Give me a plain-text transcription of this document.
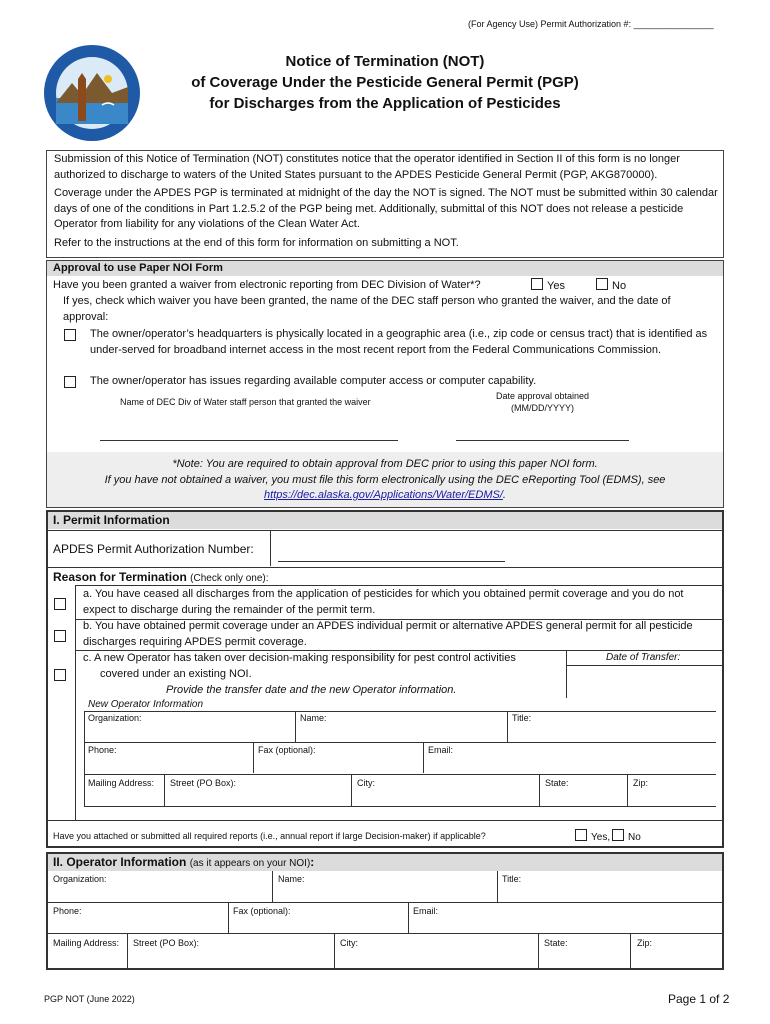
(For Agency Use) Permit Authorization #: ________________
Notice of Termination (NOT)
of Coverage Under the Pesticide General Permit (PGP)
for Discharges from the Application of Pesticides
Submission of this Notice of Termination (NOT) constitutes notice that the operator identified in Section II of this form is no longer authorized to discharge to waters of the United States pursuant to the APDES Pesticide General Permit (PGP, AKG870000).
Coverage under the APDES PGP is terminated at midnight of the day the NOT is signed. The NOT must be submitted within 30 calendar days of one of the conditions in Part 1.2.5.2 of the PGP being met. Additionally, submittal of this NOT does not release a pesticide Operator from liability for any violations of the Clean Water Act.
Refer to the instructions at the end of this form for information on submitting a NOT.
Approval to use Paper NOI Form
Have you been granted a waiver from electronic reporting from DEC Division of Water*?	Yes	No
If yes, check which waiver you have been granted, the name of the DEC staff person who granted the waiver, and the date of approval:
The owner/operator’s headquarters is physically located in a geographic area (i.e., zip code or census tract) that is identified as under-served for broadband internet access in the most recent report from the Federal Communications Commission.
The owner/operator has issues regarding available computer access or computer capability.
Name of DEC Div of Water staff person that granted the waiver
Date approval obtained
(MM/DD/YYYY)
*Note: You are required to obtain approval from DEC prior to using this paper NOI form.
If you have not obtained a waiver, you must file this form electronically using the DEC eReporting Tool (EDMS), see
https://dec.alaska.gov/Applications/Water/EDMS/.
I. Permit Information
APDES Permit Authorization Number:
Reason for Termination (Check only one):
a. You have ceased all discharges from the application of pesticides for which you obtained permit coverage and you do not expect to discharge during the remainder of the permit term.
b. You have obtained permit coverage under an APDES individual permit or alternative APDES general permit for all pesticide discharges requiring APDES permit coverage.
c. A new Operator has taken over decision-making responsibility for pest control activities
covered under an existing NOI.
Provide the transfer date and the new Operator information.
Date of Transfer:
New Operator Information
Organization:	Name:	Title:
Phone:	Fax (optional):	Email:
Mailing Address: Street (PO Box):	City:	State:	Zip:
Have you attached or submitted all required reports (i.e., annual report if large Decision-maker) if applicable?	Yes,	No
II. Operator Information (as it appears on your NOI):
Organization:	Name:	Title:
Phone:	Fax (optional):	Email:
Mailing Address: Street (PO Box):	City:	State:	Zip:
PGP NOT (June 2022)	Page 1 of 2
